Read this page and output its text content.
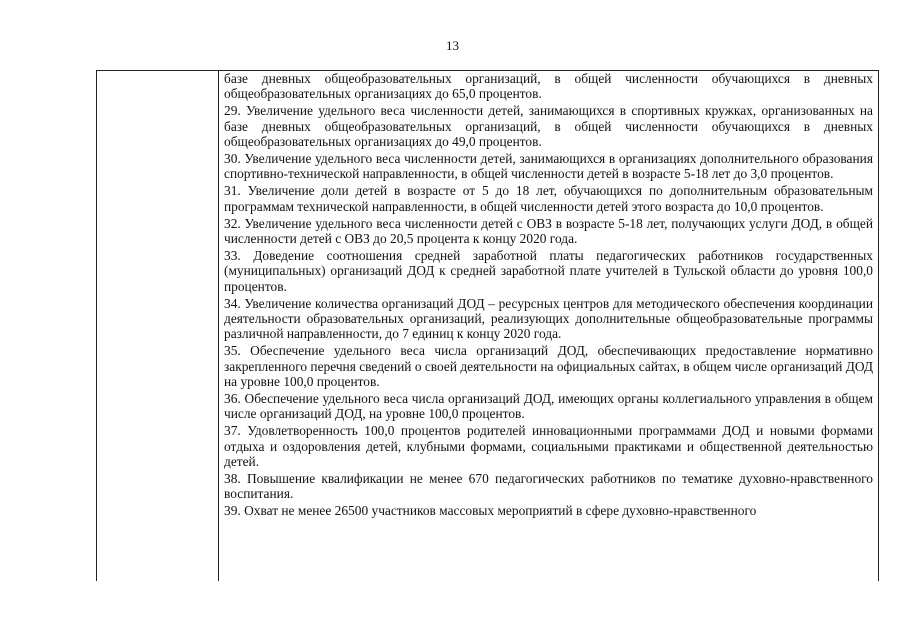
13

базе дневных общеобразовательных организаций, в общей численности обучающихся в дневных общеобразовательных организациях до 65,0 процентов.

29. Увеличение удельного веса численности детей, занимающихся в спортивных кружках, организованных на базе дневных общеобразовательных организаций, в общей численности обучающихся в дневных общеобразовательных организациях до 49,0 процентов.

30. Увеличение удельного веса численности детей, занимающихся в организациях дополнительного образования спортивно-технической направленности, в общей численности детей в возрасте 5-18 лет до 3,0 процентов.

31. Увеличение доли детей в возрасте от 5 до 18 лет, обучающихся по дополнительным образовательным программам технической направленности, в общей численности детей этого возраста до 10,0 процентов.

32. Увеличение удельного веса численности детей с ОВЗ в возрасте 5-18 лет, получающих услуги ДОД, в общей численности детей с ОВЗ до 20,5 процента к концу 2020 года.

33. Доведение соотношения средней заработной платы педагогических работников государственных (муниципальных) организаций ДОД к средней заработной плате учителей в Тульской области до уровня 100,0 процентов.

34. Увеличение количества организаций ДОД – ресурсных центров для методического обеспечения координации деятельности образовательных организаций, реализующих дополнительные общеобразовательные программы различной направленности, до 7 единиц к концу 2020 года.

35. Обеспечение удельного веса числа организаций ДОД, обеспечивающих предоставление нормативно закрепленного перечня сведений о своей деятельности на официальных сайтах, в общем числе организаций ДОД на уровне 100,0 процентов.

36. Обеспечение удельного веса числа организаций ДОД, имеющих органы коллегиального управления в общем числе организаций ДОД, на уровне 100,0 процентов.

37. Удовлетворенность 100,0 процентов родителей инновационными программами ДОД и новыми формами отдыха и оздоровления детей, клубными формами, социальными практиками и общественной деятельностью детей.

38. Повышение квалификации не менее 670 педагогических работников по тематике духовно-нравственного воспитания.

39. Охват не менее 26500 участников массовых мероприятий в сфере духовно-нравственного
